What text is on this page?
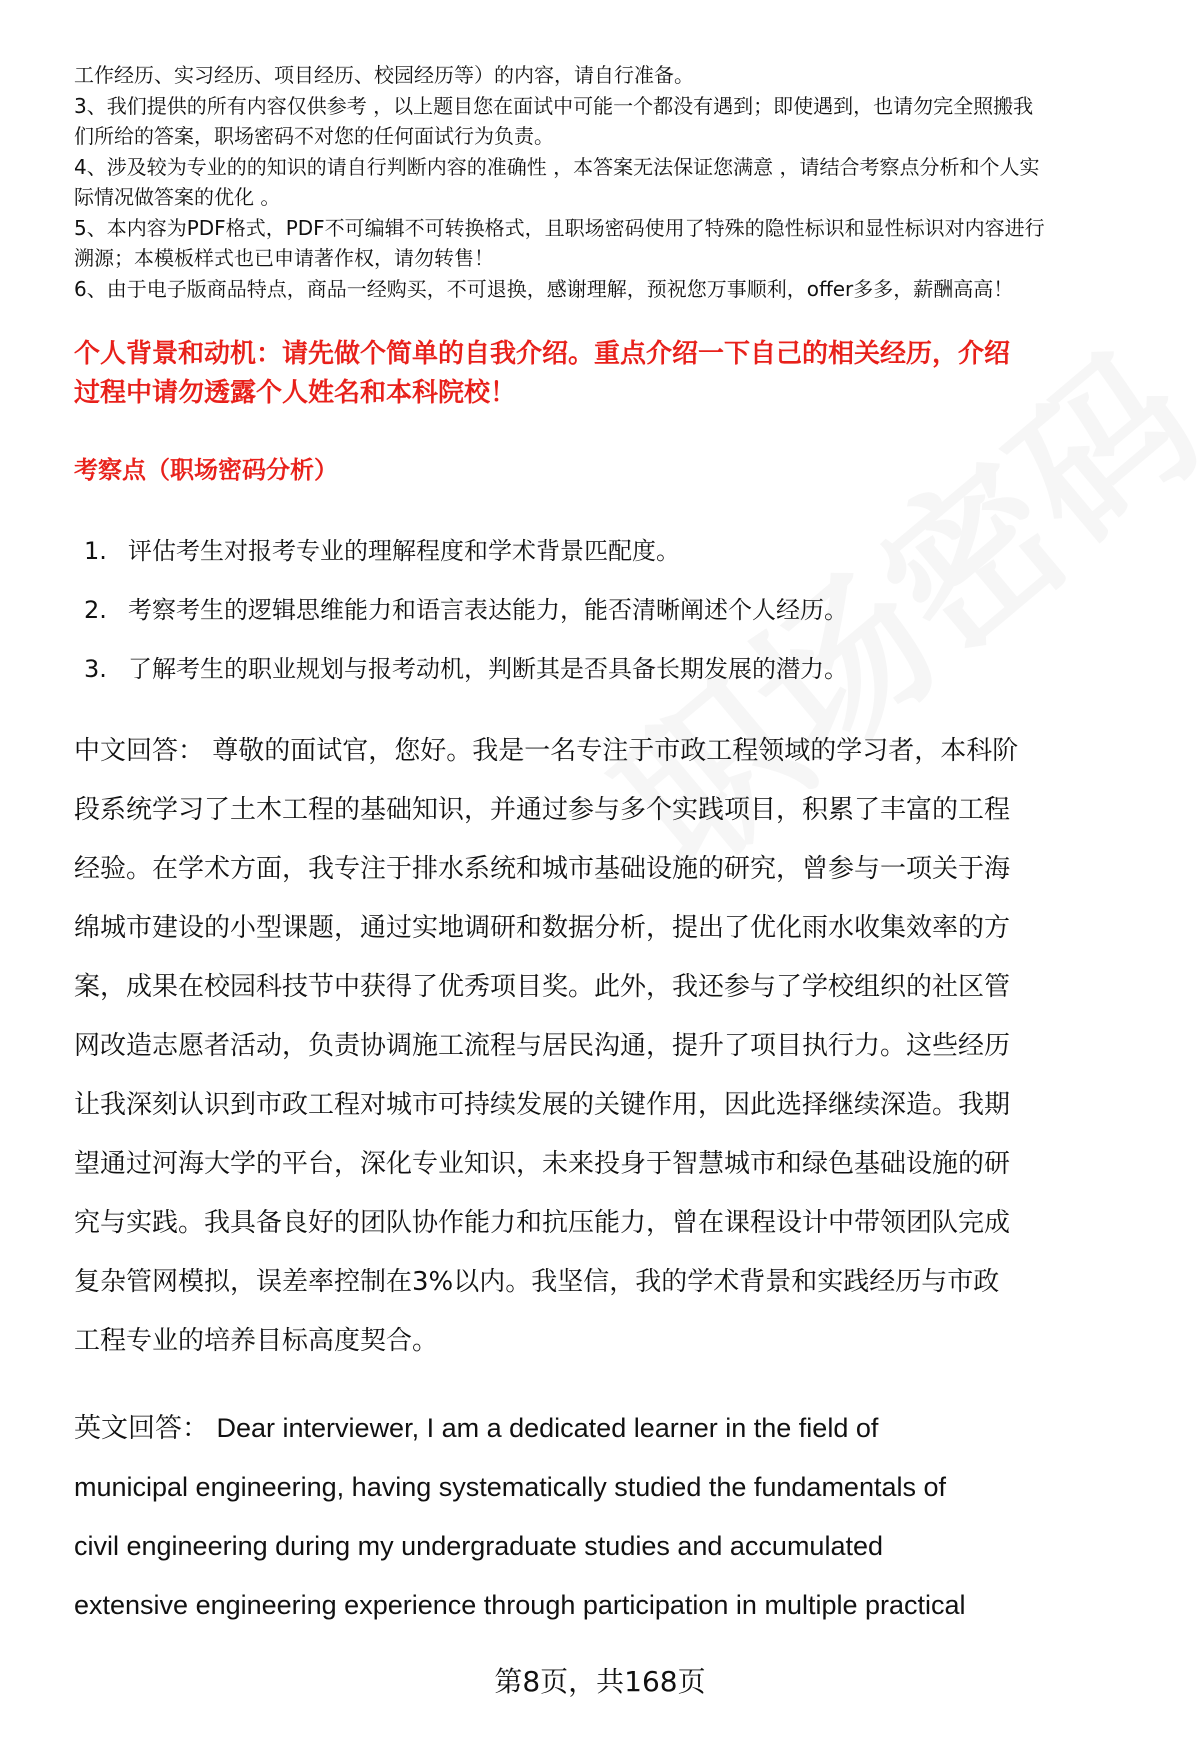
工作经历、实习经历、项目经历、校园经历等）的内容，请自行准备。
3、我们提供的所有内容仅供参考 ，以上题目您在面试中可能一个都没有遇到；即使遇到，也请勿完全照搬我
们所给的答案，职场密码不对您的任何面试行为负责。
4、涉及较为专业的的知识的请自行判断内容的准确性 ，本答案无法保证您满意 ，请结合考察点分析和个人实
际情况做答案的优化 。
5、本内容为PDF格式，PDF不可编辑不可转换格式，且职场密码使用了特殊的隐性标识和显性标识对内容进行
溯源；本模板样式也已申请著作权，请勿转售！
6、由于电子版商品特点，商品一经购买，不可退换，感谢理解，预祝您万事顺利，offer多多，薪酬高高！
个人背景和动机：请先做个简单的自我介绍。重点介绍一下自己的相关经历，介绍
过程中请勿透露个人姓名和本科院校！
考察点（职场密码分析）
1. 评估考生对报考专业的理解程度和学术背景匹配度。
2. 考察考生的逻辑思维能力和语言表达能力，能否清晰阐述个人经历。
3. 了解考生的职业规划与报考动机，判断其是否具备长期发展的潜力。
中文回答： 尊敬的面试官，您好。我是一名专注于市政工程领域的学习者，本科阶
段系统学习了土木工程的基础知识，并通过参与多个实践项目，积累了丰富的工程
经验。在学术方面，我专注于排水系统和城市基础设施的研究，曾参与一项关于海
绵城市建设的小型课题，通过实地调研和数据分析，提出了优化雨水收集效率的方
案，成果在校园科技节中获得了优秀项目奖。此外，我还参与了学校组织的社区管
网改造志愿者活动，负责协调施工流程与居民沟通，提升了项目执行力。这些经历
让我深刻认识到市政工程对城市可持续发展的关键作用，因此选择继续深造。我期
望通过河海大学的平台，深化专业知识，未来投身于智慧城市和绿色基础设施的研
究与实践。我具备良好的团队协作能力和抗压能力，曾在课程设计中带领团队完成
复杂管网模拟，误差率控制在3%以内。我坚信，我的学术背景和实践经历与市政
工程专业的培养目标高度契合。
英文回答： Dear interviewer, I am a dedicated learner in the field of
municipal engineering, having systematically studied the fundamentals of
civil engineering during my undergraduate studies and accumulated
extensive engineering experience through participation in multiple practical
第8页，共168页
